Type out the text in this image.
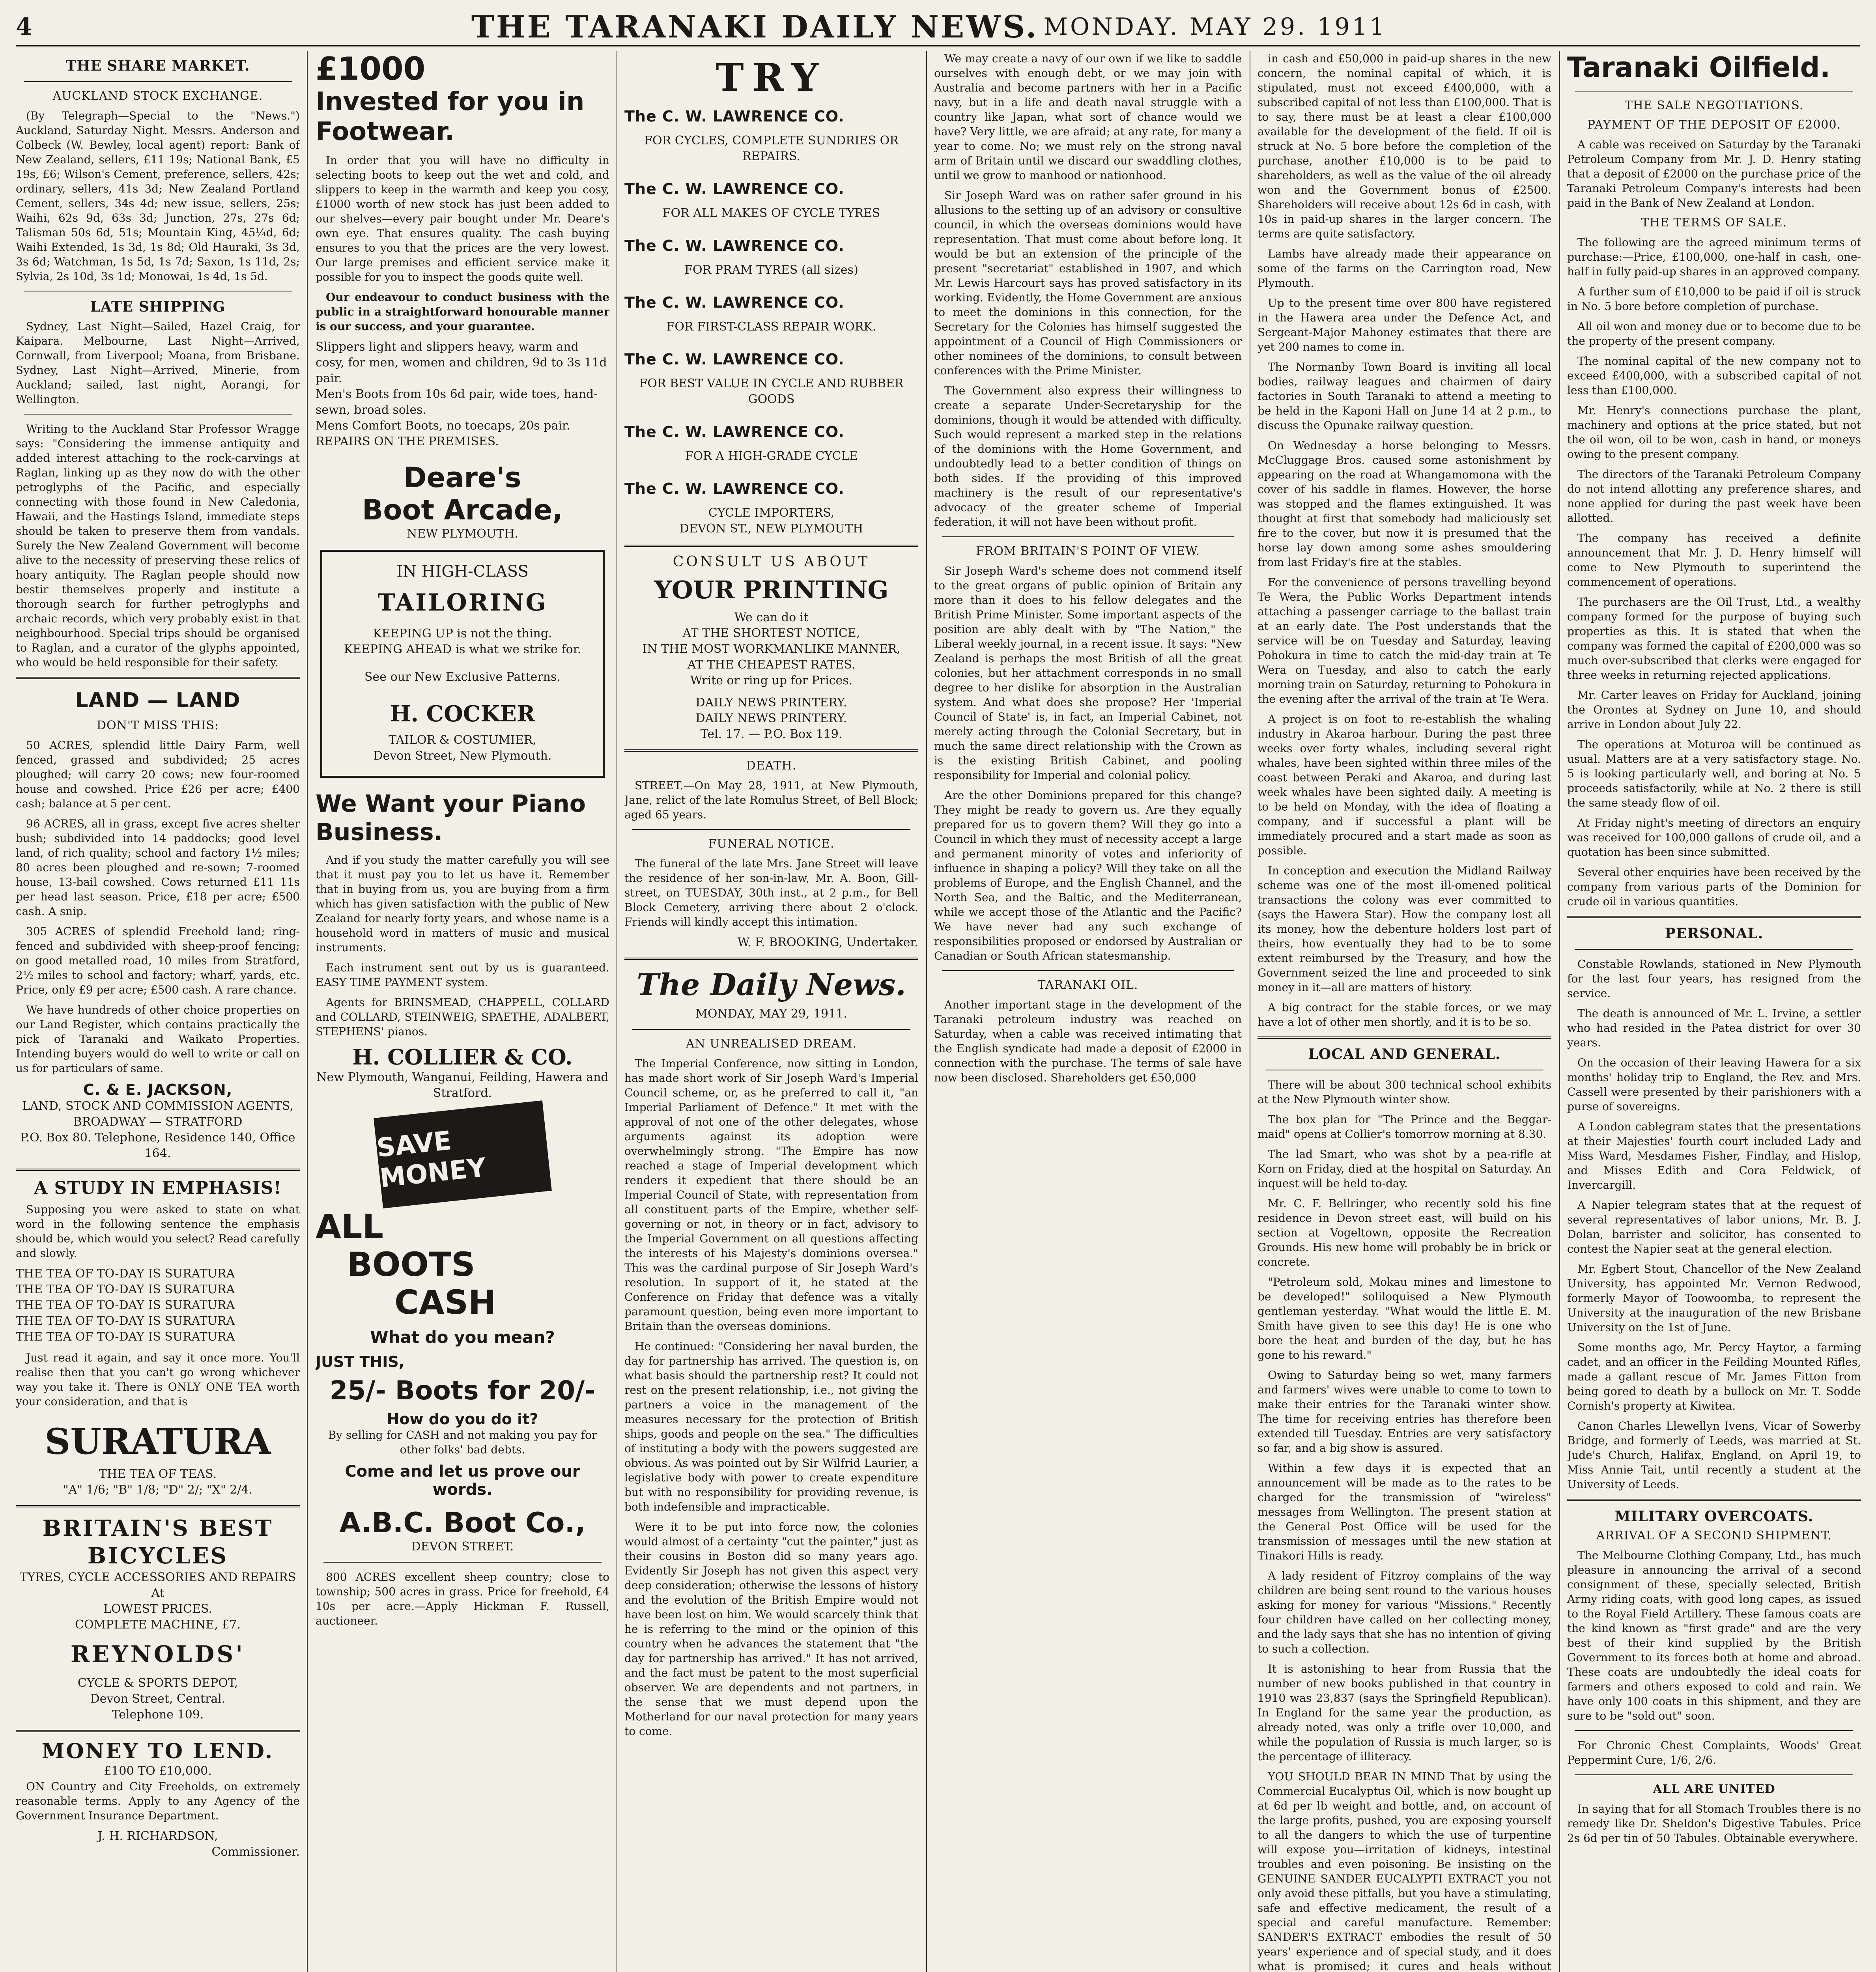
4	THE TARANAKI DAILY NEWS. MONDAY. MAY 29. 1911
THE SHARE MARKET.
AUCKLAND STOCK EXCHANGE.

(By Telegraph—Special to the "News.") Auckland, Saturday Night. Messrs. Anderson and Colbeck (W. Bewley, local agent) report: Bank of New Zealand, sellers, £11 19s; National Bank, £5 19s, £6; Wilson's Cement, preference, sellers, 42s; ordinary, sellers, 41s 3d; New Zealand Portland Cement, sellers, 34s 4d; new issue, sellers, 25s; Waihi, 62s 9d, 63s 3d; Junction, 27s, 27s 6d; Talisman 50s 6d, 51s; Mountain King, 45¼d, 6d; Waihi Extended, 1s 3d, 1s 8d; Old Hauraki, 3s 3d, 3s 6d; Watchman, 1s 5d, 1s 7d; Saxon, 1s 11d, 2s; Sylvia, 2s 10d, 3s 1d; Monowai, 1s 4d, 1s 5d.

LATE SHIPPING

Sydney, Last Night—Sailed, Hazel Craig, for Kaipara. Melbourne, Last Night—Arrived, Cornwall, from Liverpool; Moana, from Brisbane. Sydney, Last Night—Arrived, Minerie, from Auckland; sailed, last night, Aorangi, for Wellington.

Writing to the Auckland Star Professor Wragge says: "Considering the immense antiquity and added interest attaching to the rock-carvings at Raglan, linking up as they now do with the other petroglyphs of the Pacific, and especially connecting with those found in New Caledonia, Hawaii, and the Hastings Island, immediate steps should be taken to preserve them from vandals. Surely the New Zealand Government will become alive to the necessity of preserving these relics of hoary antiquity. The Raglan people should now bestir themselves properly and institute a thorough search for further petroglyphs and archaic records, which very probably exist in that neighbourhood. Special trips should be organised to Raglan, and a curator of the glyphs appointed, who would be held responsible for their safety.

LAND — LAND
DON'T MISS THIS:

50 ACRES, splendid little Dairy Farm, well fenced, grassed and subdivided; 25 acres ploughed; will carry 20 cows; new four-roomed house and cowshed. Price £26 per acre; £400 cash; balance at 5 per cent.

96 ACRES, all in grass, except five acres shelter bush; subdivided into 14 paddocks; good level land, of rich quality; school and factory 1½ miles; 80 acres been ploughed and re-sown; 7-roomed house, 13-bail cowshed. Cows returned £11 11s per head last season. Price, £18 per acre; £500 cash. A snip.

305 ACRES of splendid Freehold land; ring-fenced and subdivided with sheep-proof fencing; on good metalled road, 10 miles from Stratford, 2½ miles to school and factory; wharf, yards, etc. Price, only £9 per acre; £500 cash. A rare chance.

We have hundreds of other choice properties on our Land Register, which contains practically the pick of Taranaki and Waikato Properties. Intending buyers would do well to write or call on us for particulars of same.

C. & E. JACKSON,
LAND, STOCK AND COMMISSION AGENTS,
BROADWAY — STRATFORD
P.O. Box 80. Telephone, Residence 140, Office 164.
A STUDY IN EMPHASIS!

Supposing you were asked to state on what word in the following sentence the emphasis should be, which would you select? Read carefully and slowly.

THE TEA OF TO-DAY IS SURATURA
THE TEA OF TO-DAY IS SURATURA
THE TEA OF TO-DAY IS SURATURA
THE TEA OF TO-DAY IS SURATURA
THE TEA OF TO-DAY IS SURATURA

Just read it again, and say it once more. You'll realise then that you can't go wrong whichever way you take it. There is ONLY ONE TEA worth your consideration, and that is

SURATURA
THE TEA OF TEAS.
"A" 1/6; "B" 1/8; "D" 2/; "X" 2/4.
BRITAIN'S BEST BICYCLES
TYRES, CYCLE ACCESSORIES AND REPAIRS
At
LOWEST PRICES.
COMPLETE MACHINE, £7.
REYNOLDS'
CYCLE & SPORTS DEPOT,
Devon Street, Central.
Telephone 109.
MONEY TO LEND.
£100 TO £10,000.

ON Country and City Freeholds, on extremely reasonable terms. Apply to any Agency of the Government Insurance Department.

J. H. RICHARDSON,
Commissioner.
£1000
Invested for you in Footwear.

In order that you will have no difficulty in selecting boots to keep out the wet and cold, and slippers to keep in the warmth and keep you cosy, £1000 worth of new stock has just been added to our shelves—every pair bought under Mr. Deare's own eye. That ensures quality. The cash buying ensures to you that the prices are the very lowest. Our large premises and efficient service make it possible for you to inspect the goods quite well.

Our endeavour to conduct business with the public in a straightforward honourable manner is our success, and your guarantee.

Slippers light and slippers heavy, warm and cosy, for men, women and children, 9d to 3s 11d pair.
Men's Boots from 10s 6d pair, wide toes, hand-sewn, broad soles.
Mens Comfort Boots, no toecaps, 20s pair.
REPAIRS ON THE PREMISES.
Deare's
Boot Arcade,
NEW PLYMOUTH.
IN HIGH-CLASS
TAILORING
KEEPING UP is not the thing.
KEEPING AHEAD is what we strike for.
See our New Exclusive Patterns.
H. COCKER
TAILOR & COSTUMIER,
Devon Street, New Plymouth.
We Want your Piano Business.

And if you study the matter carefully you will see that it must pay you to let us have it. Remember that in buying from us, you are buying from a firm which has given satisfaction with the public of New Zealand for nearly forty years, and whose name is a household word in matters of music and musical instruments.

Each instrument sent out by us is guaranteed. EASY TIME PAYMENT system.

Agents for BRINSMEAD, CHAPPELL, COLLARD and COLLARD, STEINWEIG, SPAETHE, ADALBERT, STEPHENS' pianos.

H. COLLIER & CO.
New Plymouth, Wanganui, Feilding, Hawera and Stratford.
SAVE MONEY
ALL
BOOTS
CASH
What do you mean?
JUST THIS,
25/- Boots for 20/-
How do you do it?

By selling for CASH and not making you pay for other folks' bad debts.

Come and let us prove our words.
A.B.C. Boot Co.,
DEVON STREET.

800 ACRES excellent sheep country; close to township; 500 acres in grass. Price for freehold, £4 10s per acre.—Apply Hickman F. Russell, auctioneer.

TRY
The C. W. LAWRENCE CO.
FOR CYCLES, COMPLETE SUNDRIES OR REPAIRS.
The C. W. LAWRENCE CO.
FOR ALL MAKES OF CYCLE TYRES
The C. W. LAWRENCE CO.
FOR PRAM TYRES (all sizes)
The C. W. LAWRENCE CO.
FOR FIRST-CLASS REPAIR WORK.
The C. W. LAWRENCE CO.
FOR BEST VALUE IN CYCLE AND RUBBER GOODS
The C. W. LAWRENCE CO.
FOR A HIGH-GRADE CYCLE
The C. W. LAWRENCE CO.
CYCLE IMPORTERS,
DEVON ST., NEW PLYMOUTH
CONSULT US ABOUT
YOUR PRINTING
We can do it
AT THE SHORTEST NOTICE,
IN THE MOST WORKMANLIKE MANNER,
AT THE CHEAPEST RATES.
Write or ring up for Prices.
DAILY NEWS PRINTERY.
DAILY NEWS PRINTERY.
Tel. 17. — P.O. Box 119.
DEATH.

STREET.—On May 28, 1911, at New Plymouth, Jane, relict of the late Romulus Street, of Bell Block; aged 65 years.

FUNERAL NOTICE.

The funeral of the late Mrs. Jane Street will leave the residence of her son-in-law, Mr. A. Boon, Gill-street, on TUESDAY, 30th inst., at 2 p.m., for Bell Block Cemetery, arriving there about 2 o'clock. Friends will kindly accept this intimation.

W. F. BROOKING, Undertaker.
The Daily News.
MONDAY, MAY 29, 1911.
AN UNREALISED DREAM.

The Imperial Conference, now sitting in London, has made short work of Sir Joseph Ward's Imperial Council scheme, or, as he preferred to call it, "an Imperial Parliament of Defence." It met with the approval of not one of the other delegates, whose arguments against its adoption were overwhelmingly strong. "The Empire has now reached a stage of Imperial development which renders it expedient that there should be an Imperial Council of State, with representation from all constituent parts of the Empire, whether self-governing or not, in theory or in fact, advisory to the Imperial Government on all questions affecting the interests of his Majesty's dominions oversea." This was the cardinal purpose of Sir Joseph Ward's resolution. In support of it, he stated at the Conference on Friday that defence was a vitally paramount question, being even more important to Britain than the overseas dominions.

He continued: "Considering her naval burden, the day for partnership has arrived. The question is, on what basis should the partnership rest? It could not rest on the present relationship, i.e., not giving the partners a voice in the management of the measures necessary for the protection of British ships, goods and people on the sea." The difficulties of instituting a body with the powers suggested are obvious. As was pointed out by Sir Wilfrid Laurier, a legislative body with power to create expenditure but with no responsibility for providing revenue, is both indefensible and impracticable.

Were it to be put into force now, the colonies would almost of a certainty "cut the painter," just as their cousins in Boston did so many years ago. Evidently Sir Joseph has not given this aspect very deep consideration; otherwise the lessons of history and the evolution of the British Empire would not have been lost on him. We would scarcely think that he is referring to the mind or the opinion of this country when he advances the statement that "the day for partnership has arrived." It has not arrived, and the fact must be patent to the most superficial observer. We are dependents and not partners, in the sense that we must depend upon the Motherland for our naval protection for many years to come.

We may create a navy of our own if we like to saddle ourselves with enough debt, or we may join with Australia and become partners with her in a Pacific navy, but in a life and death naval struggle with a country like Japan, what sort of chance would we have? Very little, we are afraid; at any rate, for many a year to come. No; we must rely on the strong naval arm of Britain until we discard our swaddling clothes, until we grow to manhood or nationhood.

Sir Joseph Ward was on rather safer ground in his allusions to the setting up of an advisory or consultive council, in which the overseas dominions would have representation. That must come about before long. It would be but an extension of the principle of the present "secretariat" established in 1907, and which Mr. Lewis Harcourt says has proved satisfactory in its working. Evidently, the Home Government are anxious to meet the dominions in this connection, for the Secretary for the Colonies has himself suggested the appointment of a Council of High Commissioners or other nominees of the dominions, to consult between conferences with the Prime Minister.

The Government also express their willingness to create a separate Under-Secretaryship for the dominions, though it would be attended with difficulty. Such would represent a marked step in the relations of the dominions with the Home Government, and undoubtedly lead to a better condition of things on both sides. If the providing of this improved machinery is the result of our representative's advocacy of the greater scheme of Imperial federation, it will not have been without profit.

FROM BRITAIN'S POINT OF VIEW.

Sir Joseph Ward's scheme does not commend itself to the great organs of public opinion of Britain any more than it does to his fellow delegates and the British Prime Minister. Some important aspects of the position are ably dealt with by "The Nation," the Liberal weekly journal, in a recent issue. It says: "New Zealand is perhaps the most British of all the great colonies, but her attachment corresponds in no small degree to her dislike for absorption in the Australian system. And what does she propose? Her 'Imperial Council of State' is, in fact, an Imperial Cabinet, not merely acting through the Colonial Secretary, but in much the same direct relationship with the Crown as is the existing British Cabinet, and pooling responsibility for Imperial and colonial policy.

Are the other Dominions prepared for this change? They might be ready to govern us. Are they equally prepared for us to govern them? Will they go into a Council in which they must of necessity accept a large and permanent minority of votes and inferiority of influence in shaping a policy? Will they take on all the problems of Europe, and the English Channel, and the North Sea, and the Baltic, and the Mediterranean, while we accept those of the Atlantic and the Pacific? We have never had any such exchange of responsibilities proposed or endorsed by Australian or Canadian or South African statesmanship.

TARANAKI OIL.

Another important stage in the development of the Taranaki petroleum industry was reached on Saturday, when a cable was received intimating that the English syndicate had made a deposit of £2000 in connection with the purchase. The terms of sale have now been disclosed. Shareholders get £50,000

in cash and £50,000 in paid-up shares in the new concern, the nominal capital of which, it is stipulated, must not exceed £400,000, with a subscribed capital of not less than £100,000. That is to say, there must be at least a clear £100,000 available for the development of the field. If oil is struck at No. 5 bore before the completion of the purchase, another £10,000 is to be paid to shareholders, as well as the value of the oil already won and the Government bonus of £2500. Shareholders will receive about 12s 6d in cash, with 10s in paid-up shares in the larger concern. The terms are quite satisfactory.

Lambs have already made their appearance on some of the farms on the Carrington road, New Plymouth.

Up to the present time over 800 have registered in the Hawera area under the Defence Act, and Sergeant-Major Mahoney estimates that there are yet 200 names to come in.

The Normanby Town Board is inviting all local bodies, railway leagues and chairmen of dairy factories in South Taranaki to attend a meeting to be held in the Kaponi Hall on June 14 at 2 p.m., to discuss the Opunake railway question.

On Wednesday a horse belonging to Messrs. McCluggage Bros. caused some astonishment by appearing on the road at Whangamomona with the cover of his saddle in flames. However, the horse was stopped and the flames extinguished. It was thought at first that somebody had maliciously set fire to the cover, but now it is presumed that the horse lay down among some ashes smouldering from last Friday's fire at the stables.

For the convenience of persons travelling beyond Te Wera, the Public Works Department intends attaching a passenger carriage to the ballast train at an early date. The Post understands that the service will be on Tuesday and Saturday, leaving Pohokura in time to catch the mid-day train at Te Wera on Tuesday, and also to catch the early morning train on Saturday, returning to Pohokura in the evening after the arrival of the train at Te Wera.

A project is on foot to re-establish the whaling industry in Akaroa harbour. During the past three weeks over forty whales, including several right whales, have been sighted within three miles of the coast between Peraki and Akaroa, and during last week whales have been sighted daily. A meeting is to be held on Monday, with the idea of floating a company, and if successful a plant will be immediately procured and a start made as soon as possible.

In conception and execution the Midland Railway scheme was one of the most ill-omened political transactions the colony was ever committed to (says the Hawera Star). How the company lost all its money, how the debenture holders lost part of theirs, how eventually they had to be to some extent reimbursed by the Treasury, and how the Government seized the line and proceeded to sink money in it—all are matters of history.

A big contract for the stable forces, or we may have a lot of other men shortly, and it is to be so.

LOCAL AND GENERAL.

There will be about 300 technical school exhibits at the New Plymouth winter show.

The box plan for "The Prince and the Beggar-maid" opens at Collier's tomorrow morning at 8.30.

The lad Smart, who was shot by a pea-rifle at Korn on Friday, died at the hospital on Saturday. An inquest will be held to-day.

Mr. C. F. Bellringer, who recently sold his fine residence in Devon street east, will build on his section at Vogeltown, opposite the Recreation Grounds. His new home will probably be in brick or concrete.

"Petroleum sold, Mokau mines and limestone to be developed!" soliloquised a New Plymouth gentleman yesterday. "What would the little E. M. Smith have given to see this day! He is one who bore the heat and burden of the day, but he has gone to his reward."

Owing to Saturday being so wet, many farmers and farmers' wives were unable to come to town to make their entries for the Taranaki winter show. The time for receiving entries has therefore been extended till Tuesday. Entries are very satisfactory so far, and a big show is assured.

Within a few days it is expected that an announcement will be made as to the rates to be charged for the transmission of "wireless" messages from Wellington. The present station at the General Post Office will be used for the transmission of messages until the new station at Tinakori Hills is ready.

A lady resident of Fitzroy complains of the way children are being sent round to the various houses asking for money for various "Missions." Recently four children have called on her collecting money, and the lady says that she has no intention of giving to such a collection.

It is astonishing to hear from Russia that the number of new books published in that country in 1910 was 23,837 (says the Springfield Republican). In England for the same year the production, as already noted, was only a trifle over 10,000, and while the population of Russia is much larger, so is the percentage of illiteracy.

YOU SHOULD BEAR IN MIND That by using the Commercial Eucalyptus Oil, which is now bought up at 6d per lb weight and bottle, and, on account of the large profits, pushed, you are exposing yourself to all the dangers to which the use of turpentine will expose you—irritation of kidneys, intestinal troubles and even poisoning. Be insisting on the GENUINE SANDER EUCALYPTI EXTRACT you not only avoid these pitfalls, but you have a stimulating, safe and effective medicament, the result of a special and careful manufacture. Remember: SANDER'S EXTRACT embodies the result of 50 years' experience and of special study, and it does what is promised; it cures and heals without

Taranaki Oilfield.
THE SALE NEGOTIATIONS.
PAYMENT OF THE DEPOSIT OF £2000.

A cable was received on Saturday by the Taranaki Petroleum Company from Mr. J. D. Henry stating that a deposit of £2000 on the purchase price of the Taranaki Petroleum Company's interests had been paid in the Bank of New Zealand at London.

THE TERMS OF SALE.

The following are the agreed minimum terms of purchase:—Price, £100,000, one-half in cash, one-half in fully paid-up shares in an approved company.

A further sum of £10,000 to be paid if oil is struck in No. 5 bore before completion of purchase.

All oil won and money due or to become due to be the property of the present company.

The nominal capital of the new company not to exceed £400,000, with a subscribed capital of not less than £100,000.

Mr. Henry's connections purchase the plant, machinery and options at the price stated, but not the oil won, oil to be won, cash in hand, or moneys owing to the present company.

The directors of the Taranaki Petroleum Company do not intend allotting any preference shares, and none applied for during the past week have been allotted.

The company has received a definite announcement that Mr. J. D. Henry himself will come to New Plymouth to superintend the commencement of operations.

The purchasers are the Oil Trust, Ltd., a wealthy company formed for the purpose of buying such properties as this. It is stated that when the company was formed the capital of £200,000 was so much over-subscribed that clerks were engaged for three weeks in returning rejected applications.

Mr. Carter leaves on Friday for Auckland, joining the Orontes at Sydney on June 10, and should arrive in London about July 22.

The operations at Moturoa will be continued as usual. Matters are at a very satisfactory stage. No. 5 is looking particularly well, and boring at No. 5 proceeds satisfactorily, while at No. 2 there is still the same steady flow of oil.

At Friday night's meeting of directors an enquiry was received for 100,000 gallons of crude oil, and a quotation has been since submitted.

Several other enquiries have been received by the company from various parts of the Dominion for crude oil in various quantities.

PERSONAL.

Constable Rowlands, stationed in New Plymouth for the last four years, has resigned from the service.

The death is announced of Mr. L. Irvine, a settler who had resided in the Patea district for over 30 years.

On the occasion of their leaving Hawera for a six months' holiday trip to England, the Rev. and Mrs. Cassell were presented by their parishioners with a purse of sovereigns.

A London cablegram states that the presentations at their Majesties' fourth court included Lady and Miss Ward, Mesdames Fisher, Findlay, and Hislop, and Misses Edith and Cora Feldwick, of Invercargill.

A Napier telegram states that at the request of several representatives of labor unions, Mr. B. J. Dolan, barrister and solicitor, has consented to contest the Napier seat at the general election.

Mr. Egbert Stout, Chancellor of the New Zealand University, has appointed Mr. Vernon Redwood, formerly Mayor of Toowoomba, to represent the University at the inauguration of the new Brisbane University on the 1st of June.

Some months ago, Mr. Percy Haytor, a farming cadet, and an officer in the Feilding Mounted Rifles, made a gallant rescue of Mr. James Fitton from being gored to death by a bullock on Mr. T. Sodde Cornish's property at Kiwitea.

Canon Charles Llewellyn Ivens, Vicar of Sowerby Bridge, and formerly of Leeds, was married at St. Jude's Church, Halifax, England, on April 19, to Miss Annie Tait, until recently a student at the University of Leeds.

MILITARY OVERCOATS.
ARRIVAL OF A SECOND SHIPMENT.

The Melbourne Clothing Company, Ltd., has much pleasure in announcing the arrival of a second consignment of these, specially selected, British Army riding coats, with good long capes, as issued to the Royal Field Artillery. These famous coats are the kind known as "first grade" and are the very best of their kind supplied by the British Government to its forces both at home and abroad. These coats are undoubtedly the ideal coats for farmers and others exposed to cold and rain. We have only 100 coats in this shipment, and they are sure to be "sold out" soon.

For Chronic Chest Complaints, Woods' Great Peppermint Cure, 1/6, 2/6.

ALL ARE UNITED

In saying that for all Stomach Troubles there is no remedy like Dr. Sheldon's Digestive Tabules. Price 2s 6d per tin of 50 Tabules. Obtainable everywhere.
